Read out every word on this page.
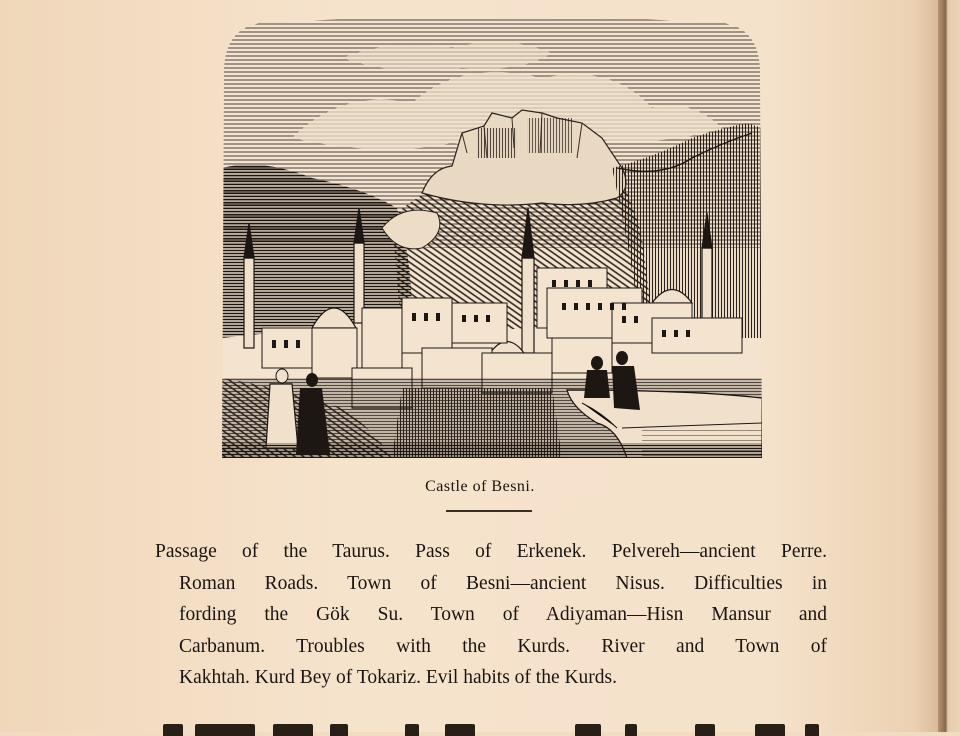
Castle of Besni.
Passage of the Taurus. Pass of Erkenek. Pelvereh—ancient Perre.
Roman Roads. Town of Besni—ancient Nisus. Difficulties in
fording the Gök Su. Town of Adiyaman—Hisn Mansur and
Carbanum. Troubles with the Kurds. River and Town of
Kakhtah. Kurd Bey of Tokariz. Evil habits of the Kurds.
